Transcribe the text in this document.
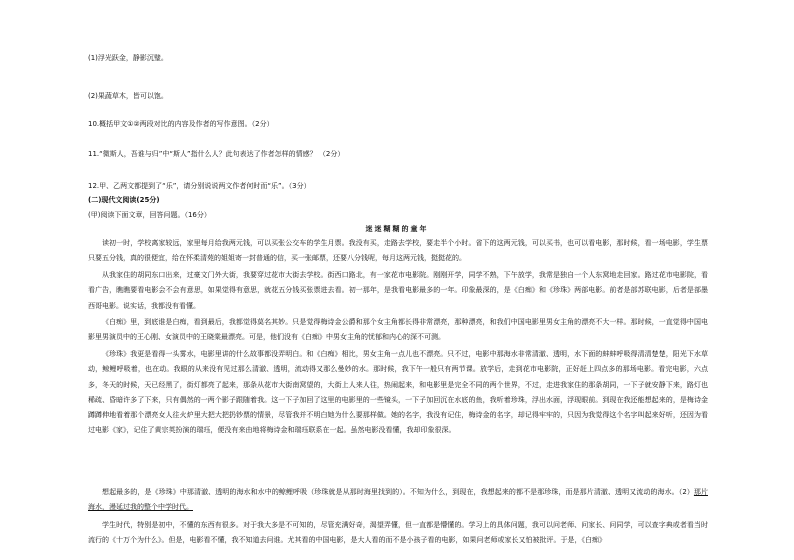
(1)浮光跃金，静影沉璧。
(2)果蔬草木，皆可以饱。
10.概括甲文①②两段对比的内容及作者的写作意图。（2分）
11.“微斯人，吾谁与归”中“斯人”指什么人？此句表达了作者怎样的情感？ （2分）
12.甲、乙两文都提到了“乐”，请分别说说两文作者何时而“乐”。（3分）
(二)现代文阅读(25分)
(甲)阅读下面文章，回答问题。（16分）
迷迷糊糊的童年
读初一时，学校离家较远，家里每月给我两元钱，可以买张公交车的学生月票。我没有买，走路去学校，要走半个小时。省下的这两元钱，可以买书，也可以看电影，那时候，看一场电影，学生票只要五分钱，真的很便宜，给在怀柔清苑的姐姐寄一封普通的信，买一张邮票，还要八分钱呢，每月这两元钱，挺挺花的。
从我家住的胡同东口出来，过豪文门外大街，我要穿过花市大街去学校。街西口路北，有一家花市电影院。刚刚开学，同学不熟，下午放学，我常是独自一个人东窝地走回家。路过花市电影院，看看广告，瞧瞧要看电影会不会有意思，如果觉得有意思，就花五分钱买张票进去看。初一那年，是我看电影最多的一年。印象最深的，是《白痴》和《珍珠》两部电影。前者是部苏联电影，后者是部墨西哥电影。说实话，我都没有看懂。
《白痴》里，到底谁是白痴，看到最后，我都觉得莫名其妙。只是觉得梅诗金公爵和那个女主角都长得非常漂亮，那种漂亮，和我们中国电影里男女主角的漂亮不大一样。那时候，一直觉得中国电影里男演员中的王心刚、女演员中的王晓棠最漂亮。可是，他们没有《白痴》中男女主角的忧郁和内心的深不可测。
《珍珠》我更是看得一头雾水，电影里讲的什么故事都没弄明白。和《白痴》相比，男女主角一点儿也不漂亮。只不过，电影中那海水非常清澈、透明，水下面的蚌蚌呼吸得清清楚楚，阳光下水草动，鲸鲤呼吸着，也在动。我眼的从来没有见过那么清澈、透明，流动得又那么曼妙的水。那时候，我下午一般只有两节课。放学后，走到花市电影院，正好赶上四点多的那场电影。看完电影，六点多，冬天的时候，天已经黑了，街灯都亮了起来，那条从花市大街南窝望的，大街上人来人往，热闹起来，和电影里是完全不同的两个世界，不过，走进我家住的那条胡同，一下子就安静下来，路灯也稀疏、昏暗许多了下来，只有偶然的一两个影子跟随着我。这一下子加回了这里的电影里的一些镜头，一下子加回沉在水底的鱼，我听着珍珠，浮出水面，浮现眼前。到现在我还能想起来的，是梅诗金蹲蹲伸地看着那个漂亮女人往火炉里大把大把扔钞票的情景，尽管我并不明白她为什么要那样做。她的名字，我没有记住，梅诗金的名字，却记得牢牢的，只因为我觉得这个名字叫起来好听，还因为看过电影《家》，记住了黄宗英扮演的瑞珏，便没有来由地将梅诗金和瑞珏联系在一起。虽然电影没看懂，我却印象很深。
想起最多的，是《珍珠》中那清澈、透明的海水和水中的鲸鲤呼吸（珍珠就是从那时海里找到的）。不知为什么，到现在，我想起来的都不是那珍珠，而是那片清澈、透明又流动的海水。（2）那片海水，漫延过我的整个中学时代。
学生时代，特别是初中，不懂的东西有很多。对于我大多是不可知的，尽管充满好奇，渴望弄懂，但一直都是懵懂的。学习上的具体问题，我可以问老师、问家长、问同学，可以查字典或者看当时流行的《十万个为什么》。但是，电影看不懂，我不知道去问谁。尤其看的中国电影，是大人看的而不是小孩子看的电影，如果问老师或家长又怕被批评。于是，《白痴》
